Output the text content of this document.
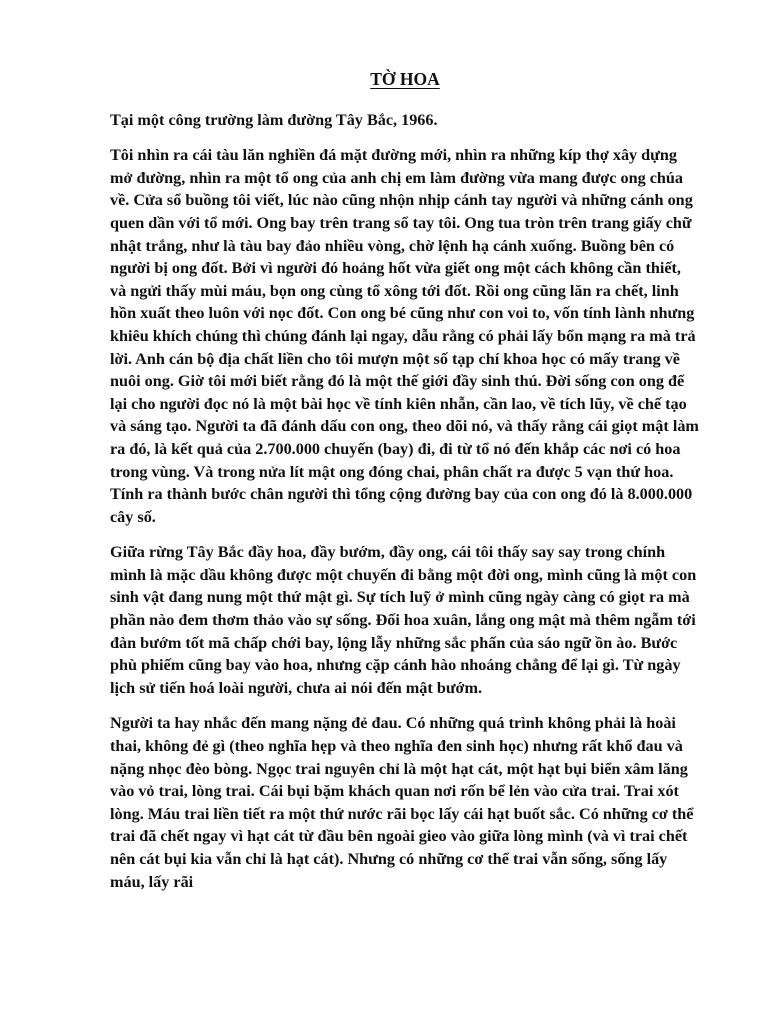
TỜ HOA

Tại một công trường làm đường Tây Bắc, 1966.

Tôi nhìn ra cái tàu lăn nghiền đá mặt đường mới, nhìn ra những kíp thợ xây dựng mở đường, nhìn ra một tổ ong của anh chị em làm đường vừa mang được ong chúa về. Cửa sổ buồng tôi viết, lúc nào cũng nhộn nhịp cánh tay người và những cánh ong quen dần với tổ mới. Ong bay trên trang sổ tay tôi. Ong tua tròn trên trang giấy chữ nhật trắng, như là tàu bay đảo nhiều vòng, chờ lệnh hạ cánh xuống. Buồng bên có người bị ong đốt. Bởi vì người đó hoảng hốt vừa giết ong một cách không cần thiết, và ngửi thấy mùi máu, bọn ong cùng tổ xông tới đốt. Rồi ong cũng lăn ra chết, linh hồn xuất theo luôn với nọc đốt. Con ong bé cũng như con voi to, vốn tính lành nhưng khiêu khích chúng thì chúng đánh lại ngay, dẫu rằng có phải lấy bổn mạng ra mà trả lời. Anh cán bộ địa chất liền cho tôi mượn một số tạp chí khoa học có mấy trang về nuôi ong. Giờ tôi mới biết rằng đó là một thế giới đầy sinh thú. Đời sống con ong để lại cho người đọc nó là một bài học về tính kiên nhẫn, cần lao, về tích lũy, về chế tạo và sáng tạo. Người ta đã đánh dấu con ong, theo dõi nó, và thấy rằng cái giọt mật làm ra đó, là kết quả của 2.700.000 chuyến (bay) đi, đi từ tổ nó đến khắp các nơi có hoa trong vùng. Và trong nửa lít mật ong đóng chai, phân chất ra được 5 vạn thứ hoa. Tính ra thành bước chân người thì tổng cộng đường bay của con ong đó là 8.000.000 cây số.

Giữa rừng Tây Bắc đầy hoa, đầy bướm, đầy ong, cái tôi thấy say say trong chính mình là mặc dầu không được một chuyến đi bằng một đời ong, mình cũng là một con sinh vật đang nung một thứ mật gì. Sự tích luỹ ở mình cũng ngày càng có giọt ra mà phần nào đem thơm thảo vào sự sống. Đối hoa xuân, lắng ong mật mà thêm ngẫm tới đàn bướm tốt mã chấp chới bay, lộng lẫy những sắc phấn của sáo ngữ ồn ào. Bước phù phiếm cũng bay vào hoa, nhưng cặp cánh hào nhoáng chẳng để lại gì. Từ ngày lịch sử tiến hoá loài người, chưa ai nói đến mật bướm.

Người ta hay nhắc đến mang nặng đẻ đau. Có những quá trình không phải là hoài thai, không đẻ gì (theo nghĩa hẹp và theo nghĩa đen sinh học) nhưng rất khổ đau và nặng nhọc đèo bòng. Ngọc trai nguyên chỉ là một hạt cát, một hạt bụi biển xâm lăng vào vỏ trai, lòng trai. Cái bụi bặm khách quan nơi rốn bể lẻn vào cửa trai. Trai xót lòng. Máu trai liền tiết ra một thứ nước rãi bọc lấy cái hạt buốt sắc. Có những cơ thể trai đã chết ngay vì hạt cát từ đầu bên ngoài gieo vào giữa lòng mình (và vì trai chết nên cát bụi kia vẫn chỉ là hạt cát). Nhưng có những cơ thể trai vẫn sống, sống lấy máu, lấy rãi
